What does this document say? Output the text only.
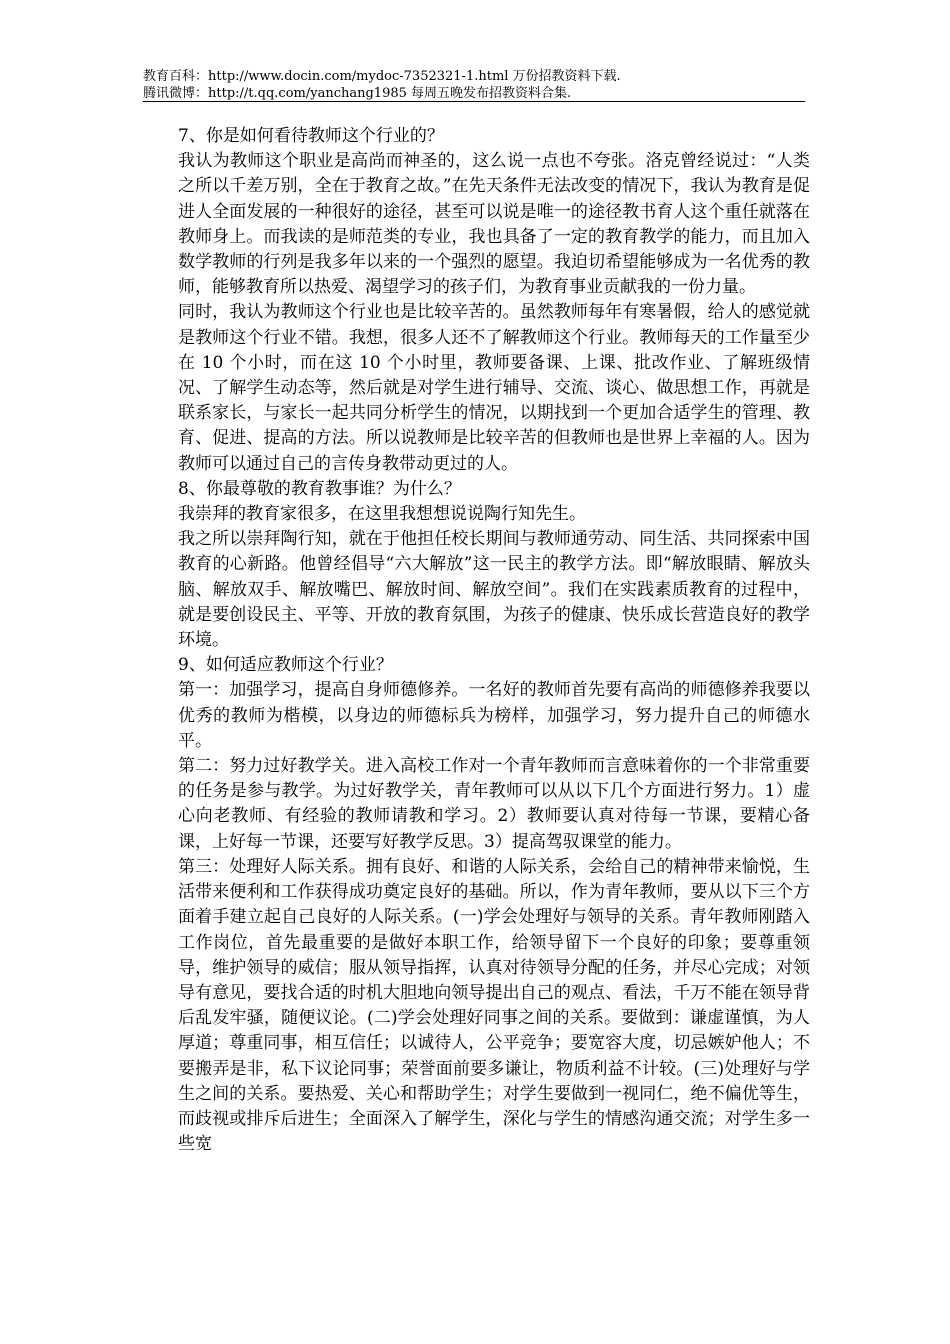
教育百科：http://www.docin.com/mydoc-7352321-1.html 万份招教资料下载.
腾讯微博：http://t.qq.com/yanchang1985 每周五晚发布招教资料合集.

7、你是如何看待教师这个行业的？

我认为教师这个职业是高尚而神圣的，这么说一点也不夸张。洛克曾经说过：“人类之所以千差万别，全在于教育之故。”在先天条件无法改变的情况下，我认为教育是促进人全面发展的一种很好的途径，甚至可以说是唯一的途径教书育人这个重任就落在教师身上。而我读的是师范类的专业，我也具备了一定的教育教学的能力，而且加入数学教师的行列是我多年以来的一个强烈的愿望。我迫切希望能够成为一名优秀的教师，能够教育所以热爱、渴望学习的孩子们，为教育事业贡献我的一份力量。

同时，我认为教师这个行业也是比较辛苦的。虽然教师每年有寒暑假，给人的感觉就是教师这个行业不错。我想，很多人还不了解教师这个行业。教师每天的工作量至少在 10 个小时，而在这 10 个小时里，教师要备课、上课、批改作业、了解班级情况、了解学生动态等，然后就是对学生进行辅导、交流、谈心、做思想工作，再就是联系家长，与家长一起共同分析学生的情况，以期找到一个更加合适学生的管理、教育、促进、提高的方法。所以说教师是比较辛苦的但教师也是世界上幸福的人。因为教师可以通过自己的言传身教带动更过的人。

8、你最尊敬的教育教事谁？为什么？

我崇拜的教育家很多，在这里我想想说说陶行知先生。

我之所以崇拜陶行知，就在于他担任校长期间与教师通劳动、同生活、共同探索中国教育的心新路。他曾经倡导“六大解放”这一民主的教学方法。即“解放眼睛、解放头脑、解放双手、解放嘴巴、解放时间、解放空间”。我们在实践素质教育的过程中，就是要创设民主、平等、开放的教育氛围，为孩子的健康、快乐成长营造良好的教学环境。

9、如何适应教师这个行业？

第一：加强学习，提高自身师德修养。一名好的教师首先要有高尚的师德修养我要以优秀的教师为楷模，以身边的师德标兵为榜样，加强学习，努力提升自己的师德水平。

第二：努力过好教学关。进入高校工作对一个青年教师而言意味着你的一个非常重要的任务是参与教学。为过好教学关，青年教师可以从以下几个方面进行努力。1）虚心向老教师、有经验的教师请教和学习。2）教师要认真对待每一节课，要精心备课，上好每一节课，还要写好教学反思。3）提高驾驭课堂的能力。

第三：处理好人际关系。拥有良好、和谐的人际关系，会给自己的精神带来愉悦，生活带来便利和工作获得成功奠定良好的基础。所以，作为青年教师，要从以下三个方面着手建立起自己良好的人际关系。(一)学会处理好与领导的关系。青年教师刚踏入工作岗位，首先最重要的是做好本职工作，给领导留下一个良好的印象；要尊重领导，维护领导的威信；服从领导指挥，认真对待领导分配的任务，并尽心完成；对领导有意见，要找合适的时机大胆地向领导提出自己的观点、看法，千万不能在领导背后乱发牢骚，随便议论。(二)学会处理好同事之间的关系。要做到：谦虚谨慎，为人厚道；尊重同事，相互信任；以诚待人，公平竞争；要宽容大度，切忌嫉妒他人；不要搬弄是非，私下议论同事；荣誉面前要多谦让，物质利益不计较。(三)处理好与学生之间的关系。要热爱、关心和帮助学生；对学生要做到一视同仁，绝不偏优等生，而歧视或排斥后进生；全面深入了解学生，深化与学生的情感沟通交流；对学生多一些宽
